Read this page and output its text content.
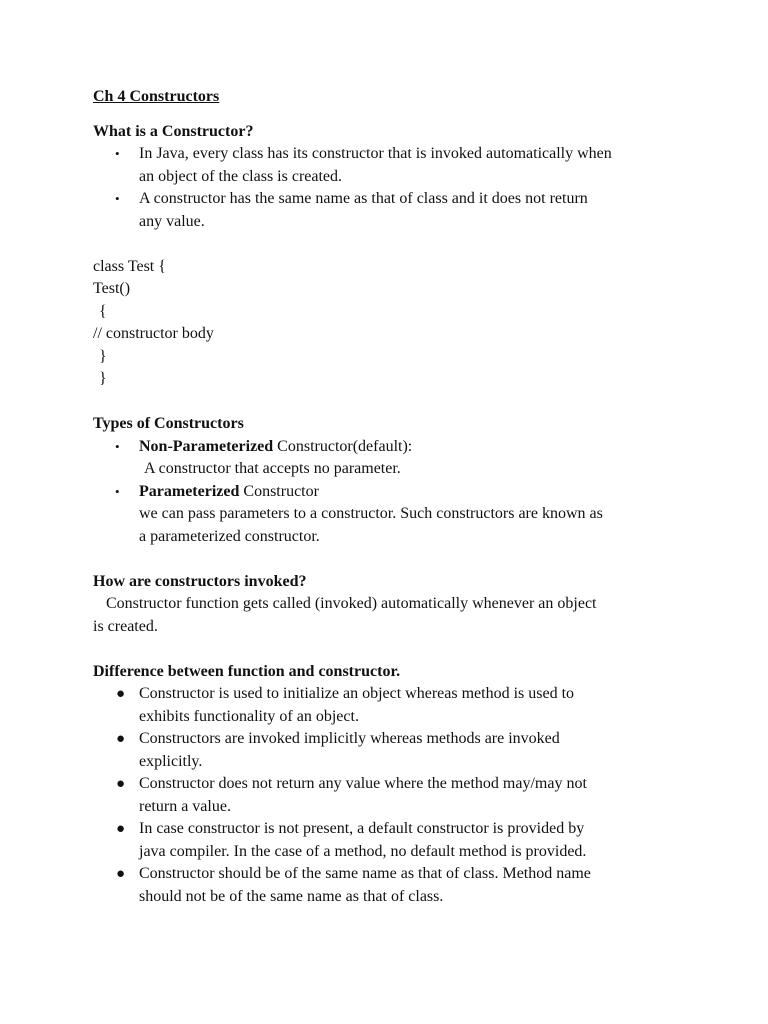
Ch 4 Constructors
What is a Constructor?
• In Java, every class has its constructor that is invoked automatically when
an object of the class is created.
• A constructor has the same name as that of class and it does not return
any value.
class Test {
Test()
{
// constructor body
}
}
Types of Constructors
• Non-Parameterized Constructor(default):
A constructor that accepts no parameter.
• Parameterized Constructor
we can pass parameters to a constructor. Such constructors are known as
a parameterized constructor.
How are constructors invoked?
Constructor function gets called (invoked) automatically whenever an object
is created.
Difference between function and constructor.
● Constructor is used to initialize an object whereas method is used to
exhibits functionality of an object.
● Constructors are invoked implicitly whereas methods are invoked
explicitly.
● Constructor does not return any value where the method may/may not
return a value.
● In case constructor is not present, a default constructor is provided by
java compiler. In the case of a method, no default method is provided.
● Constructor should be of the same name as that of class. Method name
should not be of the same name as that of class.
